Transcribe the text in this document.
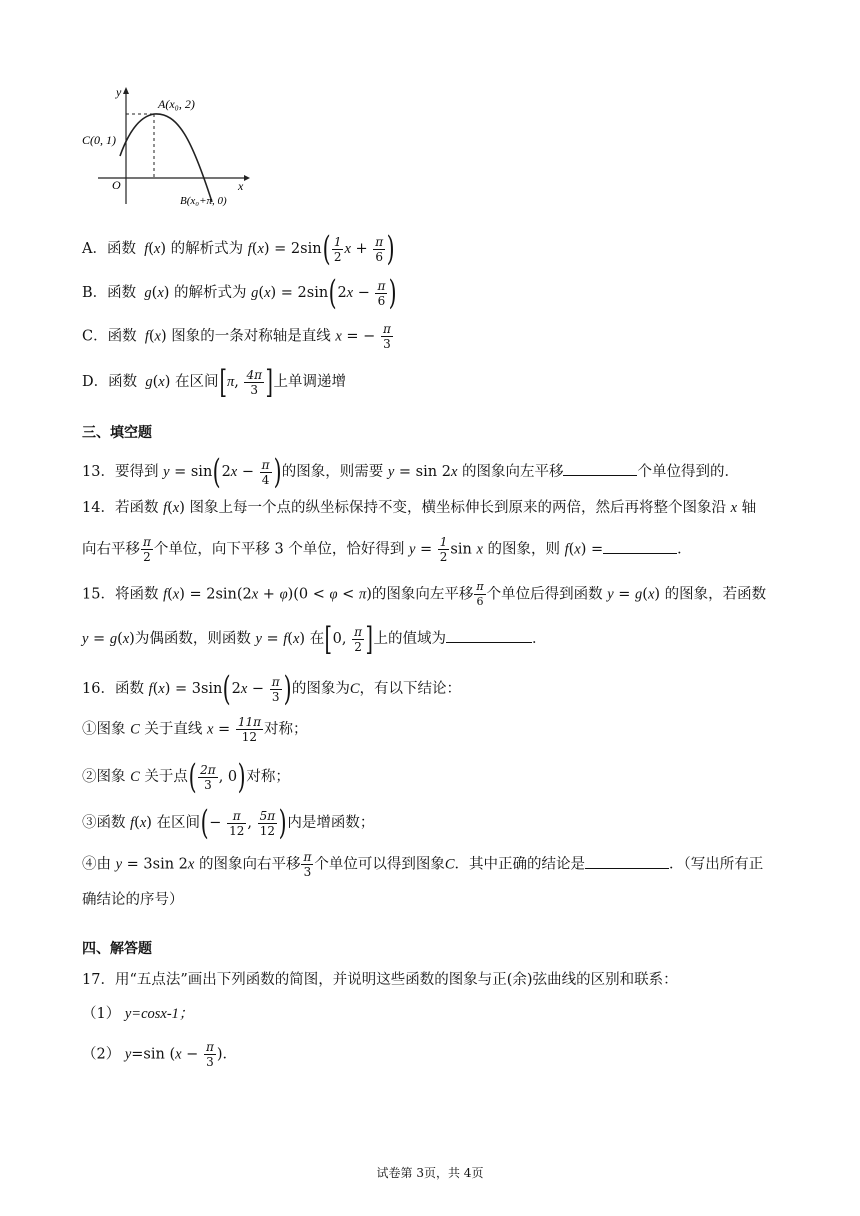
y
x
O
A(x₀, 2)
C(0, 1)
B(x₀+π, 0)
A．函数  f(x) 的解析式为 $f(x) = 2\sin( \frac{1}{2}$ $x + \frac{\pi}{6}$ )
B．函数  g(x) 的解析式为 $g(x) = 2\sin(2x - \frac{\pi}{6}$ )
C．函数  f(x) 图象的一条对称轴是直线 x = − $\frac{\pi}{3}$
D．函数  g(x) 在区间[π, $\frac{4\pi}{3}$ ]上单调递增
三、填空题
13．要得到 $y = \sin(2x - \frac{\pi}{4}$ )的图象，则需要 y = sin 2x 的图象向左平移	个单位得到的．
14．若函数 f(x) 图象上每一个点的纵坐标保持不变，横坐标伸长到原来的两倍，然后再将整个图象沿 x 轴
向右平移 $\frac{\pi}{2}$ 个单位，向下平移 3 个单位，恰好得到 $y = \frac{1}{2}$ sin x 的图象，则 f(x) =	．
15．将函数 f(x) = 2sin(2x + φ)(0 < φ < π)的图象向左平移 $\frac{\pi}{6}$ 个单位后得到函数 y = g(x) 的图象，若函数
y = g(x)为偶函数，则函数 y = f(x) 在[0, $\frac{\pi}{2}$ ]上的值域为	．
16．函数 $f(x) = 3\sin(2x - \frac{\pi}{3}$ )的图象为C，有以下结论：
①图象 C 关于直线 $x = \frac{11\pi}{12}$ 对称；
②图象 C 关于点( $\frac{2\pi}{3}$ , 0)对称；
③函数 f(x) 在区间(− $\frac{\pi}{12}$ , $\frac{5\pi}{12}$ )内是增函数；
④由 y = 3sin 2x 的图象向右平移 $\frac{\pi}{3}$ 个单位可以得到图象C．其中正确的结论是	．（写出所有正
确结论的序号）
四、解答题
17．用“五点法”画出下列函数的简图，并说明这些函数的图象与正(余)弦曲线的区别和联系：
（1） y=cosx-1；
（2） y=sin ($x - \frac{\pi}{3}$ )．
试卷第 3页，共 4页
